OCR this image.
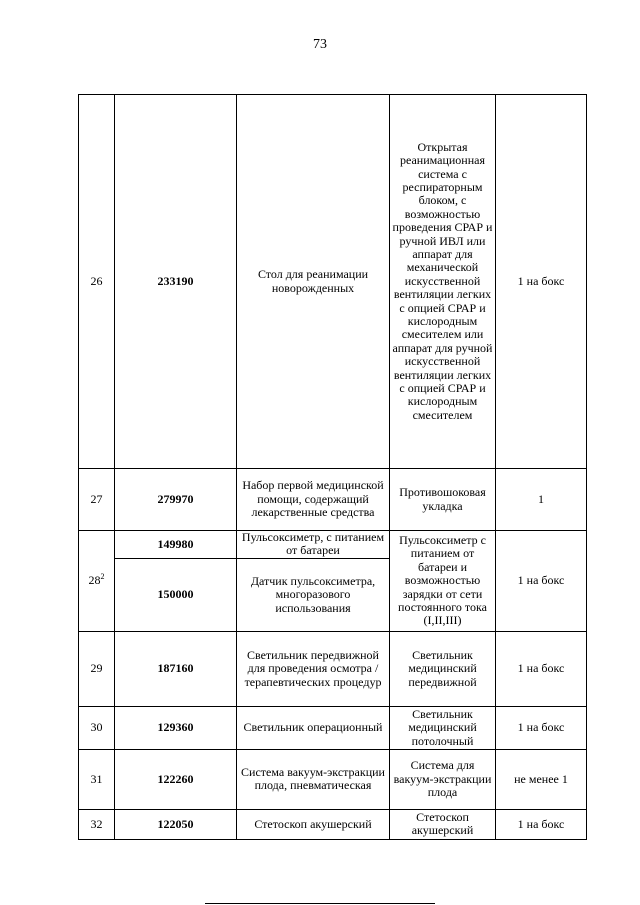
73
26	233190	Стол для реанимации новорожденных	Открытая реанимационная система с респираторным блоком, с возможностью проведения СРАР и ручной ИВЛ или аппарат для механической искусственной вентиляции легких с опцией СРАР и кислородным смесителем или аппарат для ручной искусственной вентиляции легких с опцией СРАР и кислородным смесителем	1 на бокс
27	279970	Набор первой медицинской помощи, содержащий лекарственные средства	Противошоковая укладка	1
$28^2$	149980	Пульсоксиметр, с питанием от батареи	Пульсоксиметр с питанием от батареи и возможностью зарядки от сети постоянного тока (I,II,III)	1 на бокс
	150000	Датчик пульсоксиметра, многоразового использования		
29	187160	Светильник передвижной для проведения осмотра /терапевтических процедур	Светильник медицинский передвижной	1 на бокс
30	129360	Светильник операционный	Светильник медицинский потолочный	1 на бокс
31	122260	Система вакуум-экстракции плода, пневматическая	Система для вакуум-экстракции плода	не менее 1
32	122050	Стетоскоп акушерский	Стетоскоп акушерский	1 на бокс
